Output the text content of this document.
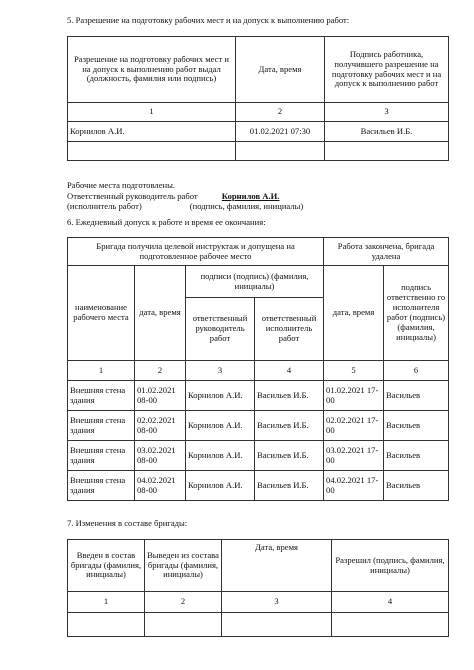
5. Разрешение на подготовку рабочих мест и на допуск к выполнению работ:
Разрешение на подготовку рабочих мест и на допуск к выполнению работ выдал (должность, фамилия или подпись)	Дата, время	Подпись работника, получившего разрешение на подготовку рабочих мест и на допуск к выполнению работ
1	2	3
Корнилов А.И.	01.02.2021 07:30	Васильев И.Б.

Рабочие места подготовлены.
Ответственный руководитель работ	Корнилов А.И.
(исполнитель работ)	(подпись, фамилия, инициалы)
6. Ежедневный допуск к работе и время ее окончания:
Бригада получила целевой инструктаж и допущена на подготовленное рабочее место				Работа закончена, бригада удалена	
наименование рабочего места	дата, время	подписи (подпись) (фамилия, инициалы)		дата, время	подпись ответственно го исполнителя работ (подпись) (фамилия, инициалы)
		ответственный руководитель работ	ответственный исполнитель работ		
1	2	3	4	5	6
Внешняя стена здания	01.02.2021 08-00	Корнилов А.И.	Васильев И.Б.	01.02.2021 17-00	Васильев
Внешняя стена здания	02.02.2021 08-00	Корнилов А.И.	Васильев И.Б.	02.02.2021 17-00	Васильев
Внешняя стена здания	03.02.2021 08-00	Корнилов А.И.	Васильев И.Б.	03.02.2021 17-00	Васильев
Внешняя стена здания	04.02.2021 08-00	Корнилов А.И.	Васильев И.Б.	04.02.2021 17-00	Васильев
7. Изменения в составе бригады:
Введен в состав бригады (фамилия, инициалы)	Выведен из состава бригады (фамилия, инициалы)	Дата, время	Разрешил (подпись, фамилия, инициалы)
1	2	3	4
